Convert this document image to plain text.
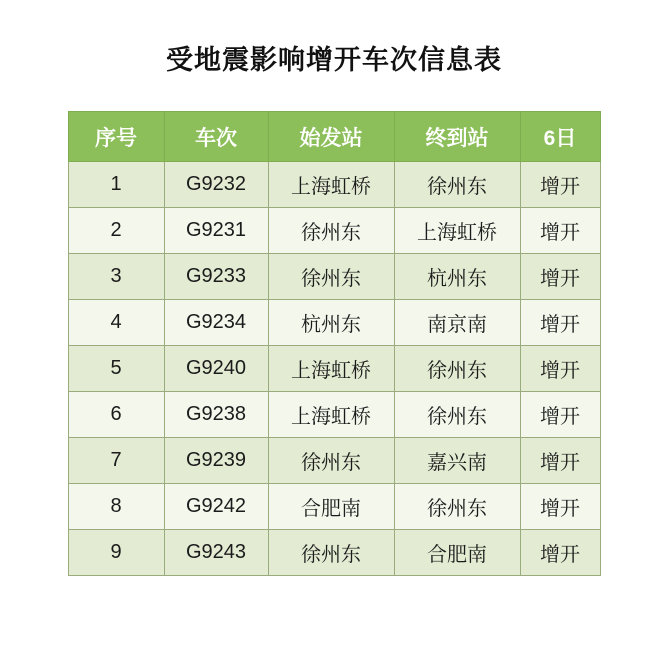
受地震影响增开车次信息表
序号	车次	始发站	终到站	6日
1	G9232	上海虹桥	徐州东	增开
2	G9231	徐州东	上海虹桥	增开
3	G9233	徐州东	杭州东	增开
4	G9234	杭州东	南京南	增开
5	G9240	上海虹桥	徐州东	增开
6	G9238	上海虹桥	徐州东	增开
7	G9239	徐州东	嘉兴南	增开
8	G9242	合肥南	徐州东	增开
9	G9243	徐州东	合肥南	增开
